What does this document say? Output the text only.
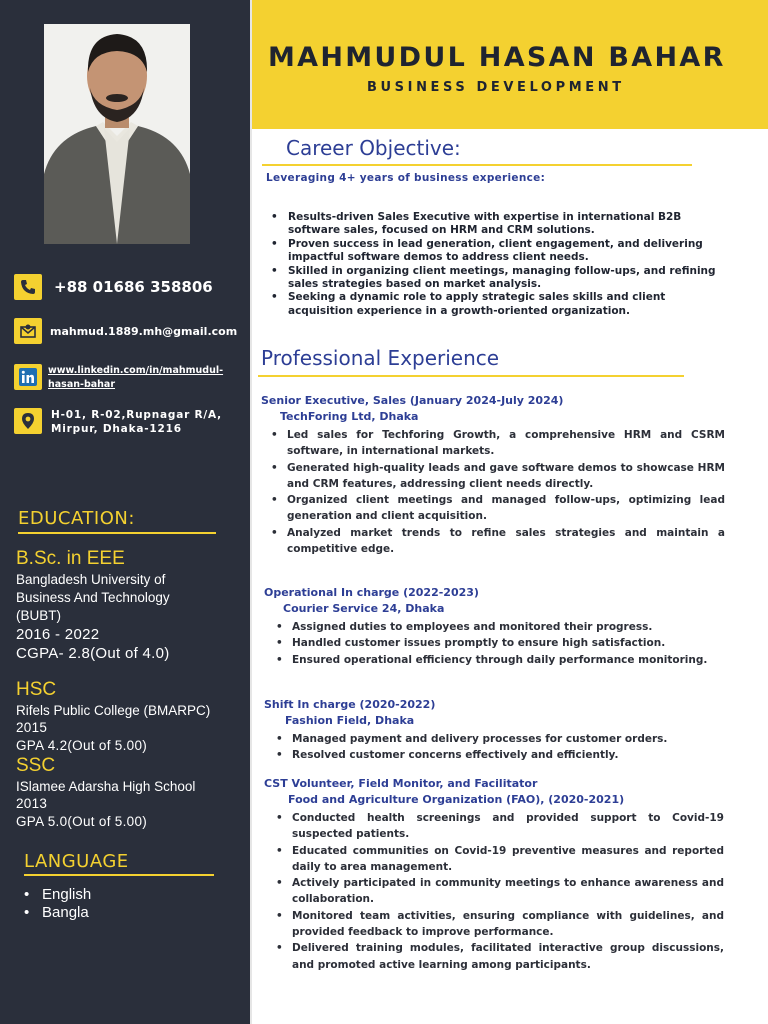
+88 01686 358806
mahmud.1889.mh@gmail.com
www.linkedin.com/in/mahmudul-hasan-bahar
H-01, R-02,Rupnagar R/A, Mirpur, Dhaka-1216
EDUCATION:
B.Sc. in EEE
Bangladesh University of Business And Technology (BUBT)
2016 - 2022
CGPA- 2.8(Out of 4.0)
HSC
Rifels Public College (BMARPC)
2015
GPA 4.2(Out of 5.00)
SSC
ISlamee Adarsha High School
2013
GPA 5.0(Out of 5.00)
LANGUAGE
• English
• Bangla
MAHMUDUL HASAN BAHAR
BUSINESS DEVELOPMENT
Career Objective:
Leveraging 4+ years of business experience:
• Results-driven Sales Executive with expertise in international B2B software sales, focused on HRM and CRM solutions.
• Proven success in lead generation, client engagement, and delivering impactful software demos to address client needs.
• Skilled in organizing client meetings, managing follow-ups, and refining sales strategies based on market analysis.
• Seeking a dynamic role to apply strategic sales skills and client acquisition experience in a growth-oriented organization.
Professional Experience
Senior Executive, Sales (January 2024-July 2024)
TechForing Ltd, Dhaka
• Led sales for Techforing Growth, a comprehensive HRM and CSRM software, in international markets.
• Generated high-quality leads and gave software demos to showcase HRM and CRM features, addressing client needs directly.
• Organized client meetings and managed follow-ups, optimizing lead generation and client acquisition.
• Analyzed market trends to refine sales strategies and maintain a competitive edge.
Operational In charge (2022-2023)
Courier Service 24, Dhaka
• Assigned duties to employees and monitored their progress.
• Handled customer issues promptly to ensure high satisfaction.
• Ensured operational efficiency through daily performance monitoring.
Shift In charge (2020-2022)
Fashion Field, Dhaka
• Managed payment and delivery processes for customer orders.
• Resolved customer concerns effectively and efficiently.
CST Volunteer, Field Monitor, and Facilitator
Food and Agriculture Organization (FAO), (2020-2021)
• Conducted health screenings and provided support to Covid-19 suspected patients.
• Educated communities on Covid-19 preventive measures and reported daily to area management.
• Actively participated in community meetings to enhance awareness and collaboration.
• Monitored team activities, ensuring compliance with guidelines, and provided feedback to improve performance.
• Delivered training modules, facilitated interactive group discussions, and promoted active learning among participants.
